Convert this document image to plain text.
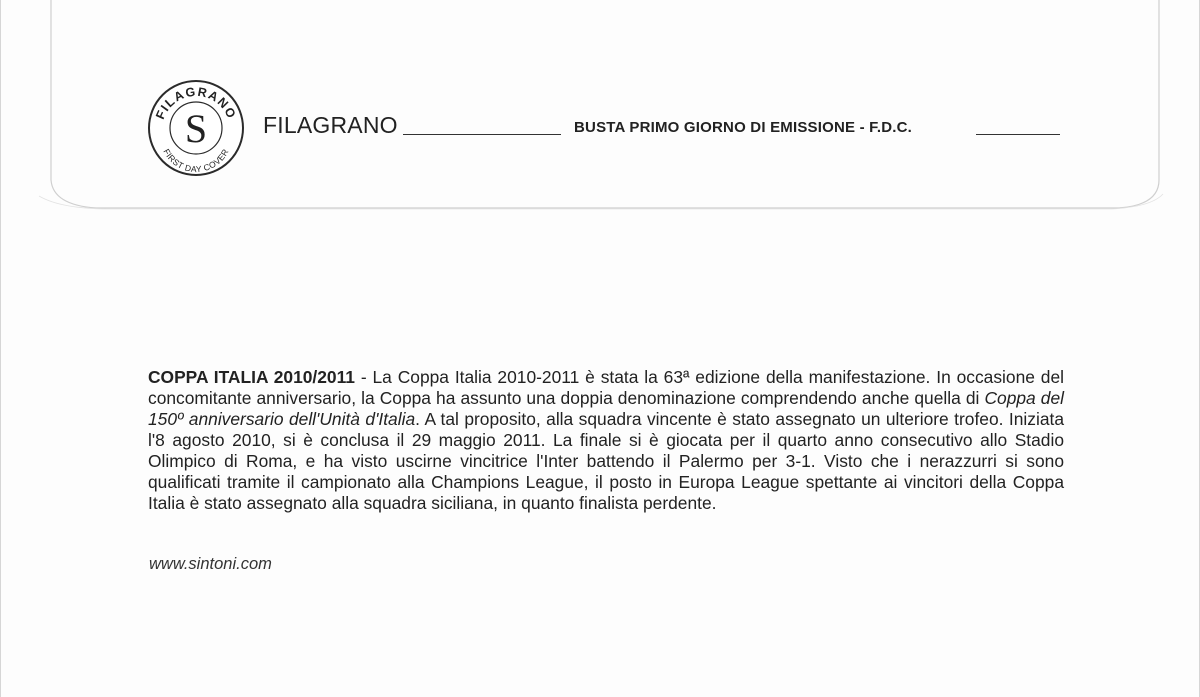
FILAGRANO
FIRST DAY COVER
S FILAGRANO	BUSTA PRIMO GIORNO DI EMISSIONE - F.D.C.

COPPA ITALIA 2010/2011 - La Coppa Italia 2010-2011 è stata la 63ª edizione della manifestazione. In occasione del concomitante anniversario, la Coppa ha assunto una doppia denominazione comprendendo anche quella di Coppa del 150º anniversario dell'Unità d'Italia. A tal proposito, alla squadra vincente è stato assegnato un ulteriore trofeo. Iniziata l'8 agosto 2010, si è conclusa il 29 maggio 2011. La finale si è giocata per il quarto anno consecutivo allo Stadio Olimpico di Roma, e ha visto uscirne vincitrice l'Inter battendo il Palermo per 3-1. Visto che i nerazzurri si sono qualificati tramite il campionato alla Champions League, il posto in Europa League spettante ai vincitori della Coppa Italia è stato assegnato alla squadra siciliana, in quanto finalista perdente.

www.sintoni.com
